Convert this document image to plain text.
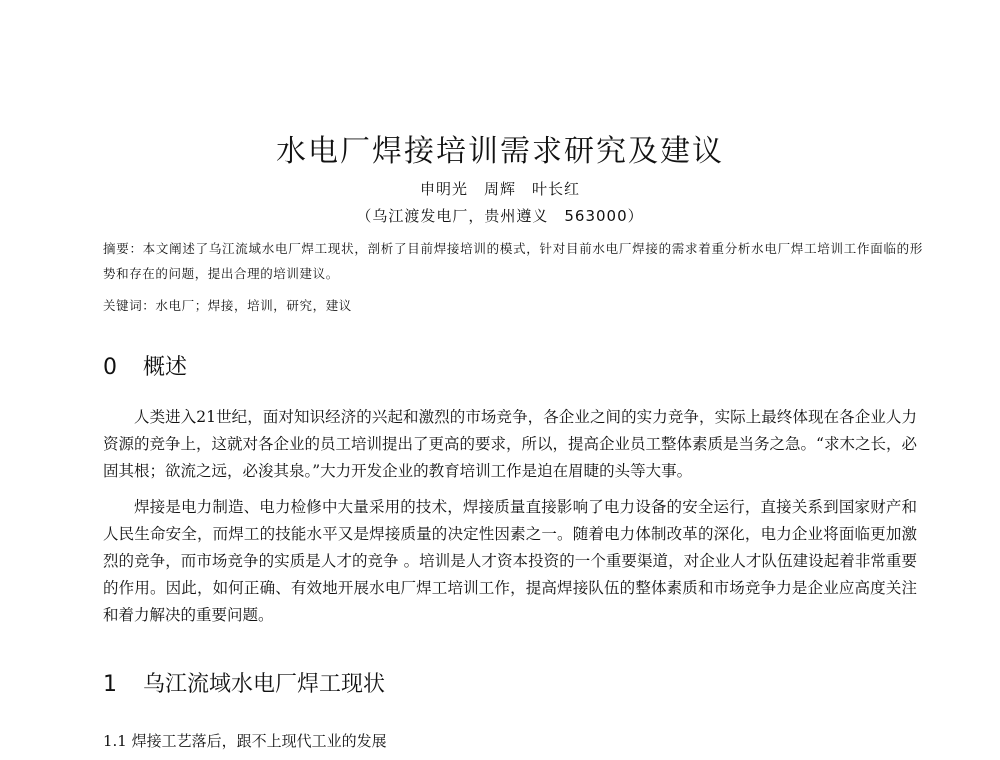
水电厂焊接培训需求研究及建议
申明光　周辉　叶长红
（乌江渡发电厂，贵州遵义　563000）
摘要：本文阐述了乌江流域水电厂焊工现状，剖析了目前焊接培训的模式，针对目前水电厂焊接的需求着重分析水电厂焊工培训工作面临的形势和存在的问题，提出合理的培训建议。
关键词：水电厂；焊接，培训，研究，建议
0 概述

人类进入21世纪，面对知识经济的兴起和激烈的市场竞争，各企业之间的实力竞争，实际上最终体现在各企业人力资源的竞争上，这就对各企业的员工培训提出了更高的要求，所以，提高企业员工整体素质是当务之急。“求木之长，必固其根；欲流之远，必浚其泉。”大力开发企业的教育培训工作是迫在眉睫的头等大事。

焊接是电力制造、电力检修中大量采用的技术，焊接质量直接影响了电力设备的安全运行，直接关系到国家财产和人民生命安全，而焊工的技能水平又是焊接质量的决定性因素之一。随着电力体制改革的深化，电力企业将面临更加激烈的竞争，而市场竞争的实质是人才的竞争 。培训是人才资本投资的一个重要渠道，对企业人才队伍建设起着非常重要的作用。因此，如何正确、有效地开展水电厂焊工培训工作，提高焊接队伍的整体素质和市场竞争力是企业应高度关注和着力解决的重要问题。

1 乌江流域水电厂焊工现状
1.1 焊接工艺落后，跟不上现代工业的发展
